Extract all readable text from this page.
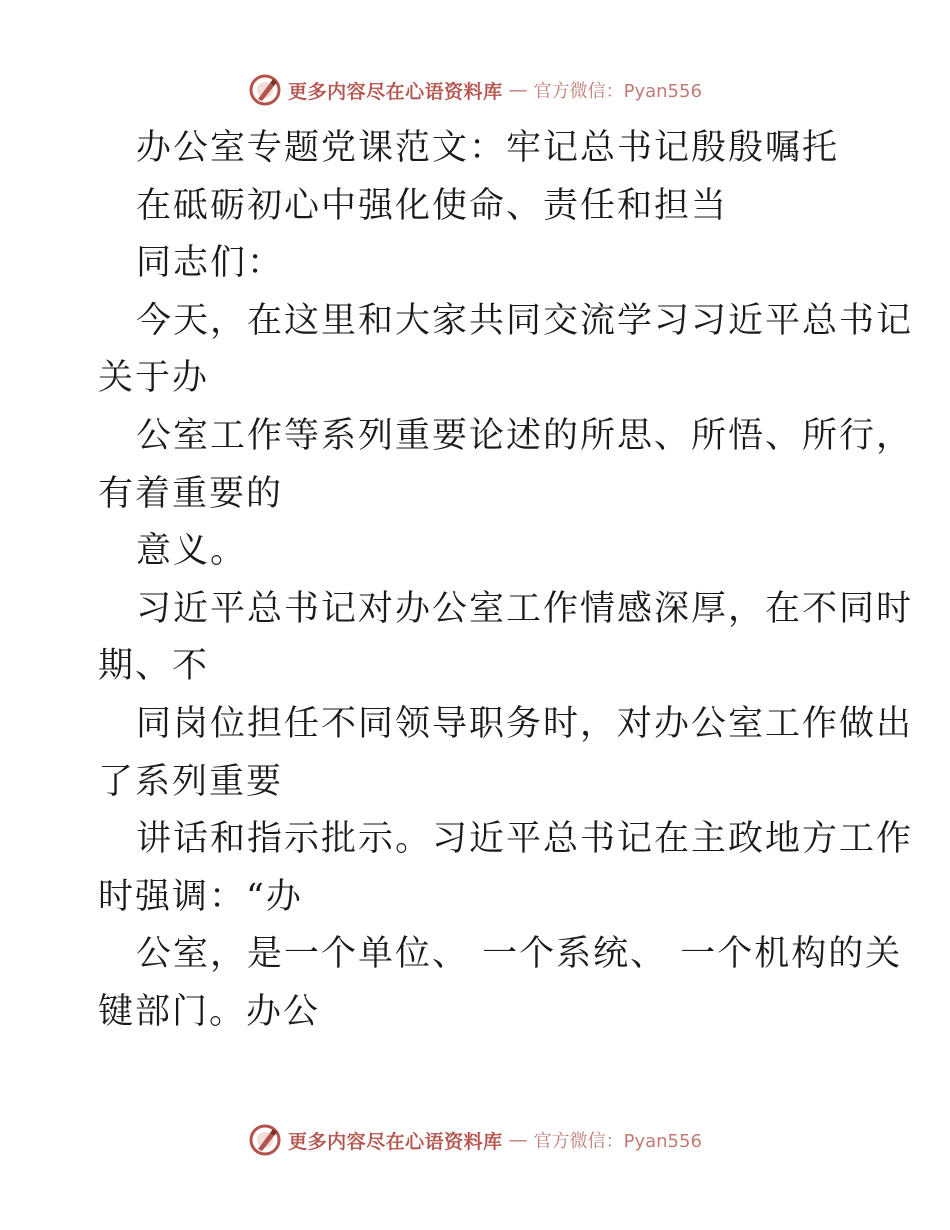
更多内容尽在心语资料库 — 官方微信：Pyan556
办公室专题党课范文：牢记总书记殷殷嘱托
在砥砺初心中强化使命、责任和担当
同志们：
今天，在这里和大家共同交流学习习近平总书记
关于办
公室工作等系列重要论述的所思、所悟、所行，
有着重要的
意义。
习近平总书记对办公室工作情感深厚，在不同时
期、不
同岗位担任不同领导职务时，对办公室工作做出
了系列重要
讲话和指示批示。习近平总书记在主政地方工作
时强调：“办
公室，是一个单位、 一个系统、 一个机构的关
键部门。办公
更多内容尽在心语资料库 — 官方微信：Pyan556
